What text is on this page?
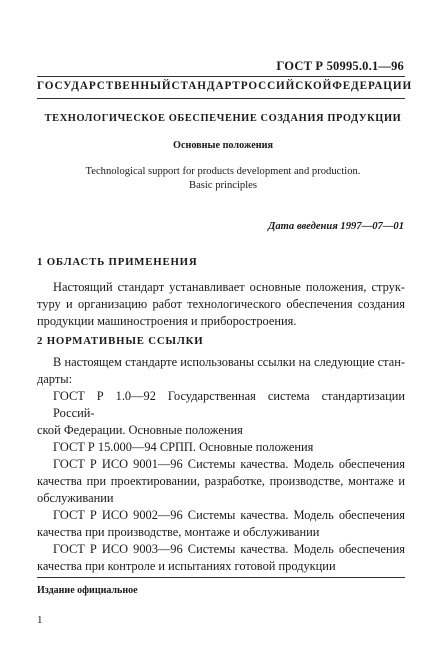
ГОСТ Р 50995.0.1—96
ГОСУДАРСТВЕННЫЙ СТАНДАРТ РОССИЙСКОЙ ФЕДЕРАЦИИ
ТЕХНОЛОГИЧЕСКОЕ ОБЕСПЕЧЕНИЕ СОЗДАНИЯ ПРОДУКЦИИ
Основные положения
Technological support for products development and production.
Basic principles
Дата введения 1997—07—01
1 ОБЛАСТЬ ПРИМЕНЕНИЯ
Настоящий стандарт устанавливает основные положения, струк-
туру и организацию работ технологического обеспечения создания
продукции машиностроения и приборостроения.
2 НОРМАТИВНЫЕ ССЫЛКИ
В настоящем стандарте использованы ссылки на следующие стан-
дарты:
ГОСТ Р 1.0—92 Государственная система стандартизации Россий-
ской Федерации. Основные положения
ГОСТ Р 15.000—94 СРПП. Основные положения
ГОСТ Р ИСО 9001—96 Системы качества. Модель обеспечения
качества при проектировании, разработке, производстве, монтаже и
обслуживании
ГОСТ Р ИСО 9002—96 Системы качества. Модель обеспечения
качества при производстве, монтаже и обслуживании
ГОСТ Р ИСО 9003—96 Системы качества. Модель обеспечения
качества при контроле и испытаниях готовой продукции
Издание официальное
1
